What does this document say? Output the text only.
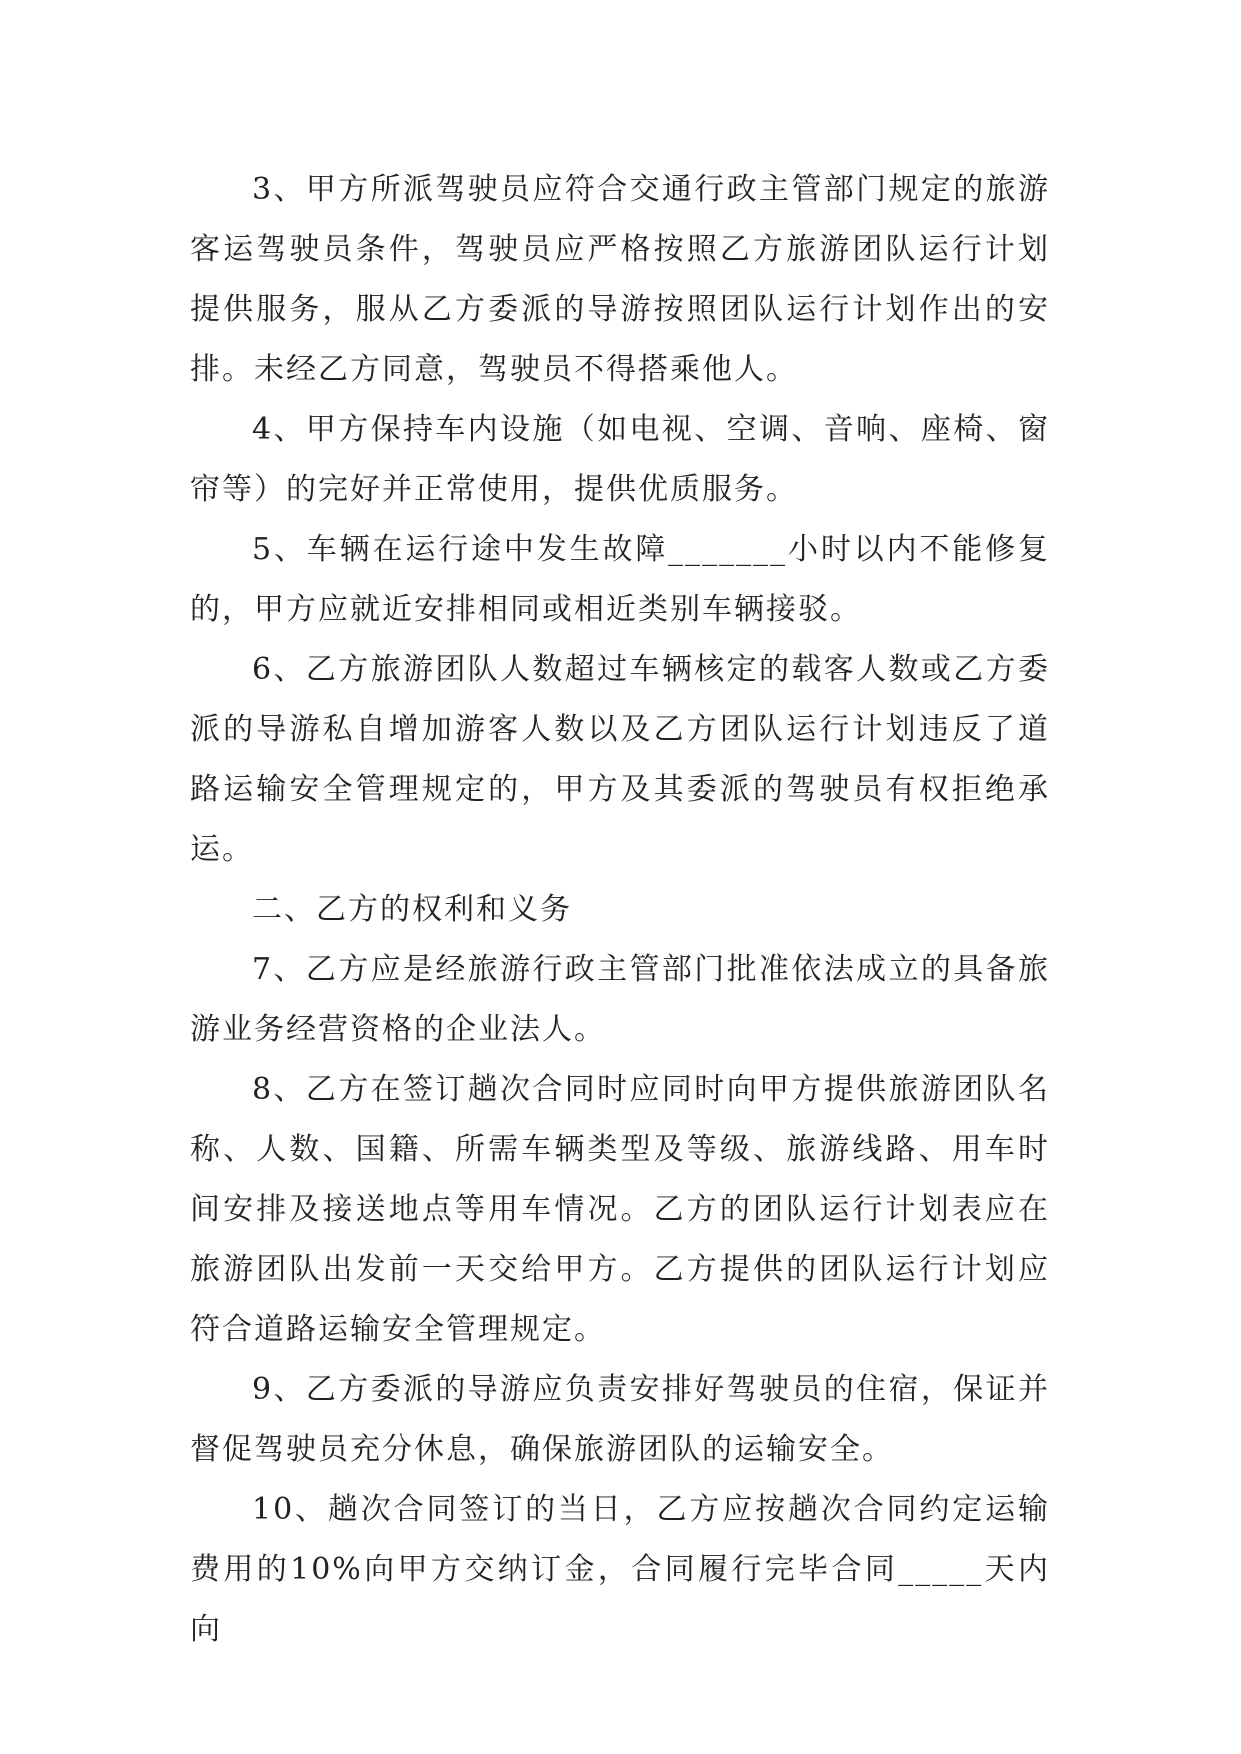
3、甲方所派驾驶员应符合交通行政主管部门规定的旅游客运驾驶员条件，驾驶员应严格按照乙方旅游团队运行计划提供服务，服从乙方委派的导游按照团队运行计划作出的安排。未经乙方同意，驾驶员不得搭乘他人。

4、甲方保持车内设施（如电视、空调、音响、座椅、窗帘等）的完好并正常使用，提供优质服务。

5、车辆在运行途中发生故障_______小时以内不能修复的，甲方应就近安排相同或相近类别车辆接驳。

6、乙方旅游团队人数超过车辆核定的载客人数或乙方委派的导游私自增加游客人数以及乙方团队运行计划违反了道路运输安全管理规定的，甲方及其委派的驾驶员有权拒绝承运。

二、乙方的权利和义务

7、乙方应是经旅游行政主管部门批准依法成立的具备旅游业务经营资格的企业法人。

8、乙方在签订趟次合同时应同时向甲方提供旅游团队名称、人数、国籍、所需车辆类型及等级、旅游线路、用车时间安排及接送地点等用车情况。乙方的团队运行计划表应在旅游团队出发前一天交给甲方。乙方提供的团队运行计划应符合道路运输安全管理规定。

9、乙方委派的导游应负责安排好驾驶员的住宿，保证并督促驾驶员充分休息，确保旅游团队的运输安全。

10、趟次合同签订的当日，乙方应按趟次合同约定运输费用的10%向甲方交纳订金，合同履行完毕合同_____天内向
